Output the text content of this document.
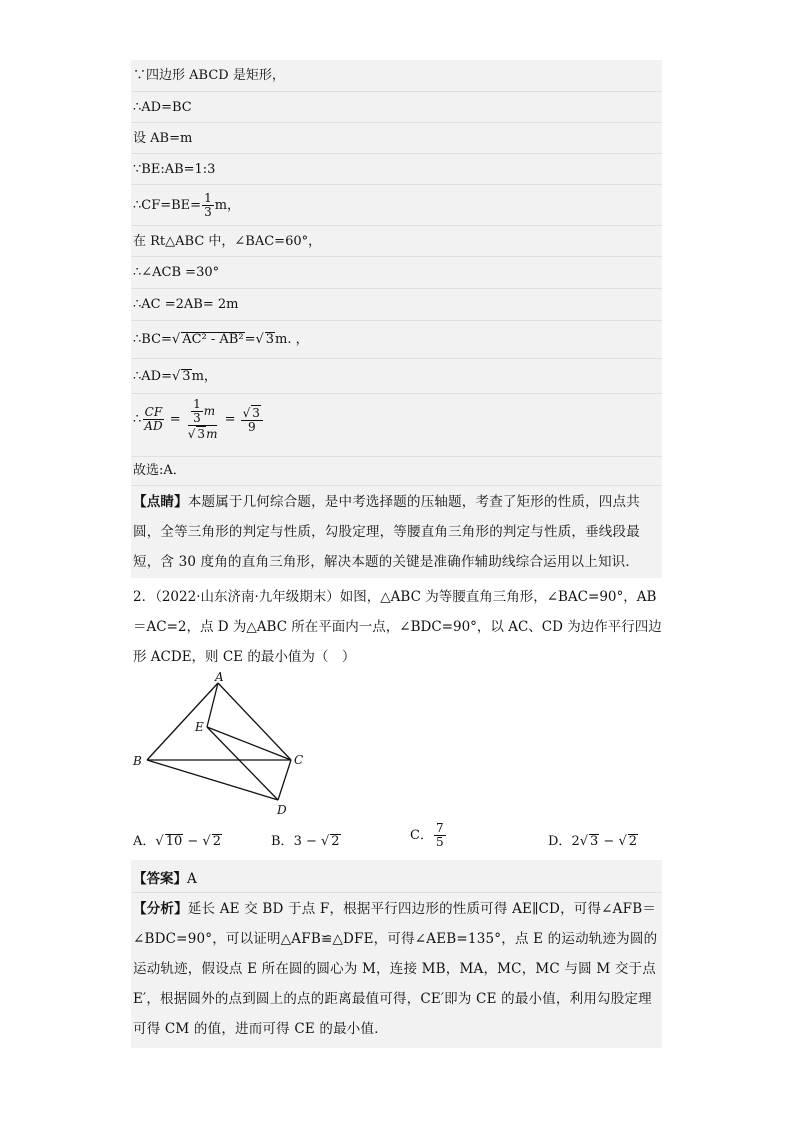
∵四边形 ABCD 是矩形，
∴AD=BC
设 AB=m
∵BE:AB=1:3
∴CF=BE= $\frac{1}{3}$ m，
在 Rt△ABC 中，∠BAC=60°，
∴∠ACB =30°
∴AC =2AB= 2m
∴BC=√ AC² - AB²=√ 3m. ，
∴AD=√ 3m，
∴ $\frac{CF}{AD} = \frac{\frac{1}{3} m}{√ 3m} = \frac{√ 3}{9}$
故选:A．
【点睛】本题属于几何综合题，是中考选择题的压轴题，考查了矩形的性质，四点共圆，全等三角形的判定与性质，勾股定理，等腰直角三角形的判定与性质，垂线段最短，含 30 度角的直角三角形，解决本题的关键是准确作辅助线综合运用以上知识．
2．（2022·山东济南·九年级期末）如图，△ABC 为等腰直角三角形，∠BAC=90°，AB＝AC=2，点 D 为△ABC 所在平面内一点，∠BDC=90°，以 AC、CD 为边作平行四边形 ACDE，则 CE 的最小值为（　）
A
B	C
D
E
A．√ 10 − √ 2	B．3 − √ 2	C． $\frac{7}{5}$	D．2√ 3 − √ 2
【答案】A
【分析】延长 AE 交 BD 于点 F，根据平行四边形的性质可得 AE∥CD，可得∠AFB＝∠BDC=90°，可以证明△AFB≌△DFE，可得∠AEB=135°，点 E 的运动轨迹为圆的运动轨迹，假设点 E 所在圆的圆心为 M，连接 MB，MA，MC，MC 与圆 M 交于点 E′，根据圆外的点到圆上的点的距离最值可得，CE′即为 CE 的最小值，利用勾股定理可得 CM 的值，进而可得 CE 的最小值．
